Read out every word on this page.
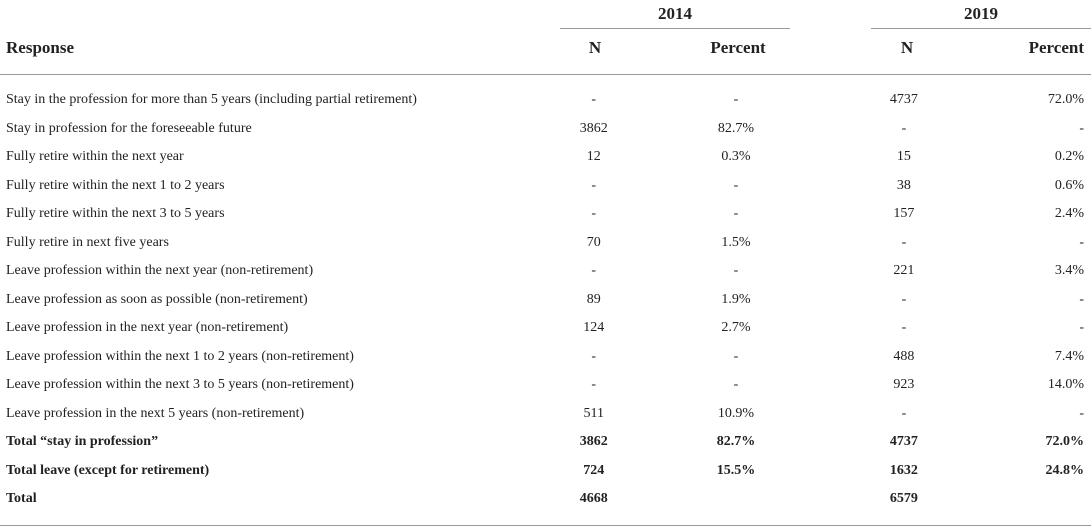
2014	2019
Response	N	Percent	N	Percent
Stay in the profession for more than 5 years (including partial retirement)	-		-		4737		72.0%
Stay in profession for the foreseeable future	3862		82.7%		-		-
Fully retire within the next year	12		0.3%		15		0.2%
Fully retire within the next 1 to 2 years	-		-		38		0.6%
Fully retire within the next 3 to 5 years	-		-		157		2.4%
Fully retire in next five years	70		1.5%		-		-
Leave profession within the next year (non-retirement)	-		-		221		3.4%
Leave profession as soon as possible (non-retirement)	89		1.9%		-		-
Leave profession in the next year (non-retirement)	124		2.7%		-		-
Leave profession within the next 1 to 2 years (non-retirement)	-		-		488		7.4%
Leave profession within the next 3 to 5 years (non-retirement)	-		-		923		14.0%
Leave profession in the next 5 years (non-retirement)	511		10.9%		-		-
Total “stay in profession”	3862		82.7%		4737		72.0%
Total leave (except for retirement)	724		15.5%		1632		24.8%
Total	4668				6579		
